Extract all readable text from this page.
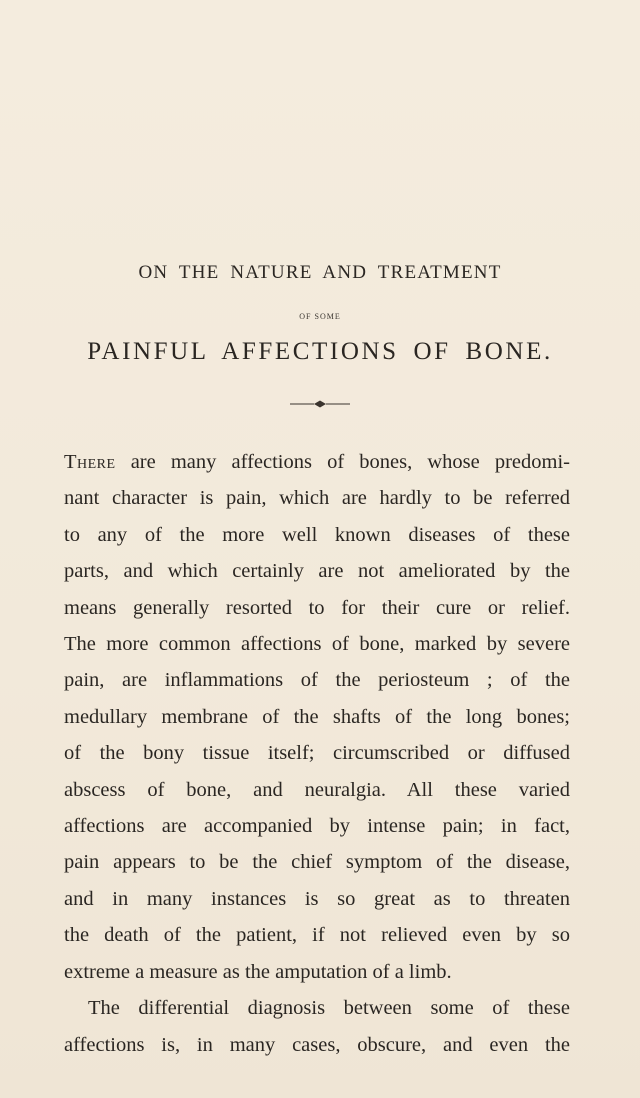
ON THE NATURE AND TREATMENT
OF SOME
PAINFUL AFFECTIONS OF BONE.
There are many affections of bones, whose predomi-
nant character is pain, which are hardly to be referred
to any of the more well known diseases of these
parts, and which certainly are not ameliorated by the
means generally resorted to for their cure or relief.
The more common affections of bone, marked by severe
pain, are inflammations of the periosteum ; of the
medullary membrane of the shafts of the long bones;
of the bony tissue itself; circumscribed or diffused
abscess of bone, and neuralgia. All these varied
affections are accompanied by intense pain; in fact,
pain appears to be the chief symptom of the disease,
and in many instances is so great as to threaten
the death of the patient, if not relieved even by so
extreme a measure as the amputation of a limb.
The differential diagnosis between some of these
affections is, in many cases, obscure, and even the
